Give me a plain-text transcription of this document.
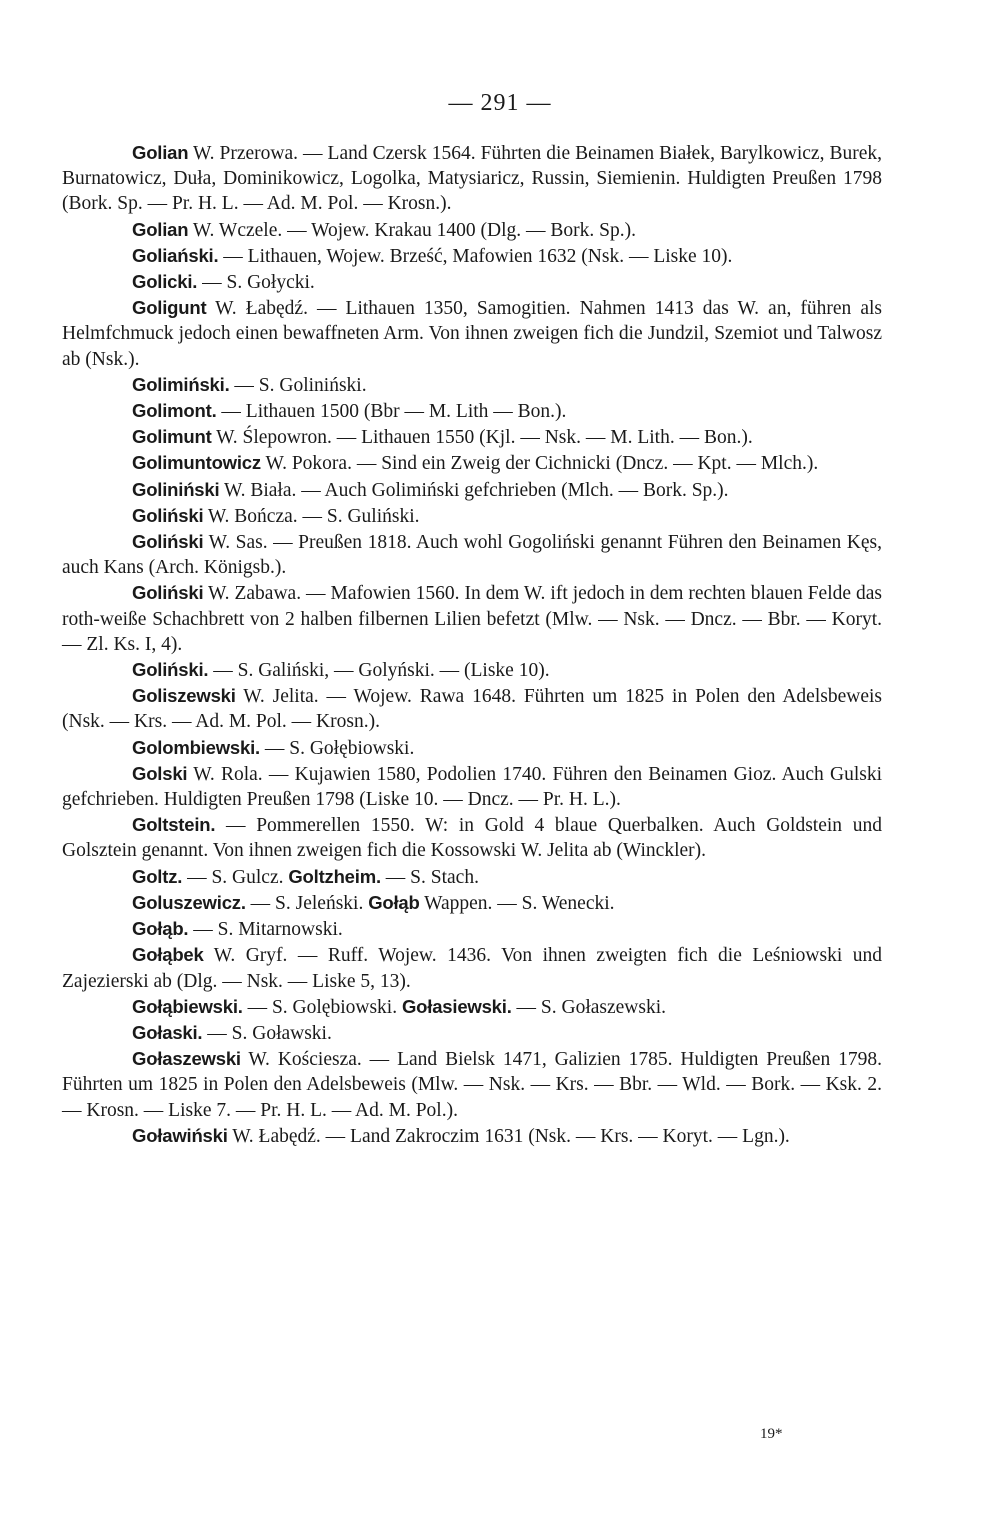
— 291 —

Golian W. Przerowa. — Land Czersk 1564. Führten die Beinamen Białek, Barylkowicz, Burek, Burnatowicz, Duła, Dominikowicz, Logolka, Matysiaricz, Russin, Siemienin. Huldigten Preußen 1798 (Bork. Sp. — Pr. H. L. — Ad. M. Pol. — Krosn.).

Golian W. Wczele. — Wojew. Krakau 1400 (Dlg. — Bork. Sp.).

Goliański. — Lithauen, Wojew. Brześć, Mafowien 1632 (Nsk. — Liske 10).

Golicki. — S. Gołycki.

Goligunt W. Łabędź. — Lithauen 1350, Samogitien. Nahmen 1413 das W. an, führen als Helmfchmuck jedoch einen bewaffneten Arm. Von ihnen zweigen fich die Jundzil, Szemiot und Talwosz ab (Nsk.).

Golimiński. — S. Goliniński.

Golimont. — Lithauen 1500 (Bbr — M. Lith — Bon.).

Golimunt W. Ślepowron. — Lithauen 1550 (Kjl. — Nsk. — M. Lith. — Bon.).

Golimuntowicz W. Pokora. — Sind ein Zweig der Cichnicki (Dncz. — Kpt. — Mlch.).

Goliniński W. Biała. — Auch Golimiński gefchrieben (Mlch. — Bork. Sp.).

Goliński W. Bończa. — S. Guliński.

Goliński W. Sas. — Preußen 1818. Auch wohl Gogoliński genannt Führen den Beinamen Kęs, auch Kans (Arch. Königsb.).

Goliński W. Zabawa. — Mafowien 1560. In dem W. ift jedoch in dem rechten blauen Felde das roth-weiße Schachbrett von 2 halben filbernen Lilien befetzt (Mlw. — Nsk. — Dncz. — Bbr. — Koryt. — Zl. Ks. I, 4).

Goliński. — S. Galiński, — Golyński. — (Liske 10).

Goliszewski W. Jelita. — Wojew. Rawa 1648. Führten um 1825 in Polen den Adelsbeweis (Nsk. — Krs. — Ad. M. Pol. — Krosn.).

Golombiewski. — S. Gołębiowski.

Golski W. Rola. — Kujawien 1580, Podolien 1740. Führen den Beinamen Gioz. Auch Gulski gefchrieben. Huldigten Preußen 1798 (Liske 10. — Dncz. — Pr. H. L.).

Goltstein. — Pommerellen 1550. W: in Gold 4 blaue Querbalken. Auch Goldstein und Golsztein genannt. Von ihnen zweigen fich die Kossowski W. Jelita ab (Winckler).

Goltz. — S. Gulcz. Goltzheim. — S. Stach.

Goluszewicz. — S. Jeleński. Gołąb Wappen. — S. Wenecki.

Gołąb. — S. Mitarnowski.

Gołąbek W. Gryf. — Ruff. Wojew. 1436. Von ihnen zweigten fich die Leśniowski und Zajezierski ab (Dlg. — Nsk. — Liske 5, 13).

Gołąbiewski. — S. Golębiowski. Gołasiewski. — S. Gołaszewski.

Gołaski. — S. Goławski.

Gołaszewski W. Kościesza. — Land Bielsk 1471, Galizien 1785. Huldigten Preußen 1798. Führten um 1825 in Polen den Adelsbeweis (Mlw. — Nsk. — Krs. — Bbr. — Wld. — Bork. — Ksk. 2. — Krosn. — Liske 7. — Pr. H. L. — Ad. M. Pol.).

Goławiński W. Łabędź. — Land Zakroczim 1631 (Nsk. — Krs. — Koryt. — Lgn.).

19*
